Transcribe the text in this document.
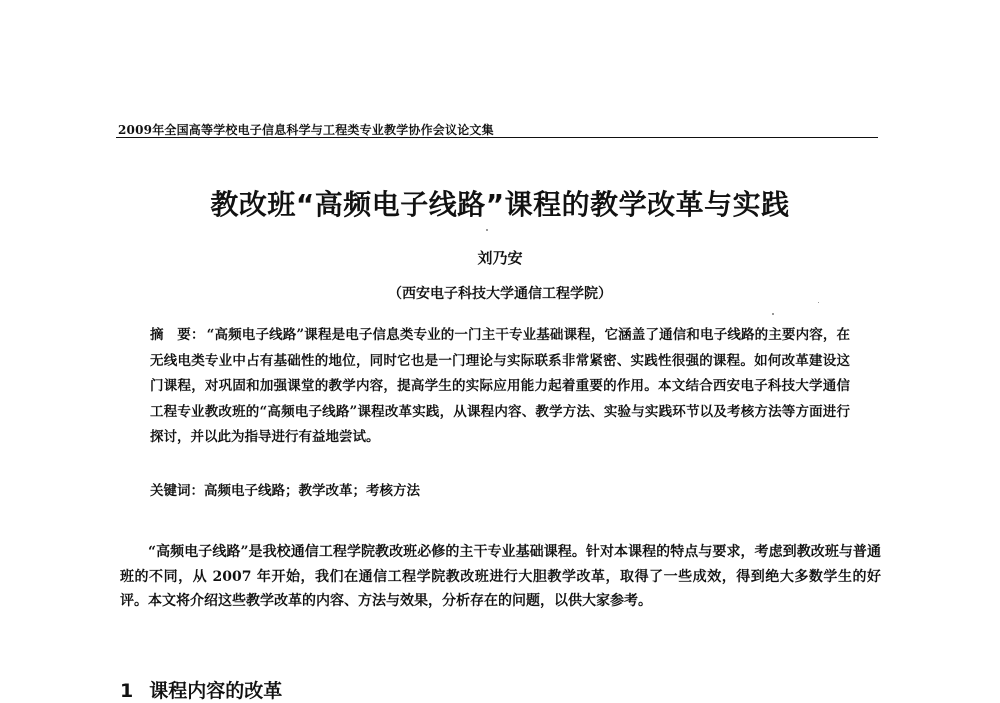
2009年全国高等学校电子信息科学与工程类专业教学协作会议论文集
教改班“高频电子线路”课程的教学改革与实践
刘乃安
（西安电子科技大学通信工程学院）
摘　要： “高频电子线路”课程是电子信息类专业的一门主干专业基础课程，它涵盖了通信和电子线路的主要内容，在无线电类专业中占有基础性的地位，同时它也是一门理论与实际联系非常紧密、实践性很强的课程。如何改革建设这门课程，对巩固和加强课堂的教学内容，提高学生的实际应用能力起着重要的作用。本文结合西安电子科技大学通信工程专业教改班的“高频电子线路”课程改革实践，从课程内容、教学方法、实验与实践环节以及考核方法等方面进行探讨，并以此为指导进行有益地尝试。
关键词：高频电子线路；教学改革；考核方法
“高频电子线路”是我校通信工程学院教改班必修的主干专业基础课程。针对本课程的特点与要求，考虑到教改班与普通班的不同，从 2007 年开始，我们在通信工程学院教改班进行大胆教学改革，取得了一些成效，得到绝大多数学生的好评。本文将介绍这些教学改革的内容、方法与效果，分析存在的问题，以供大家参考。
1 课程内容的改革
